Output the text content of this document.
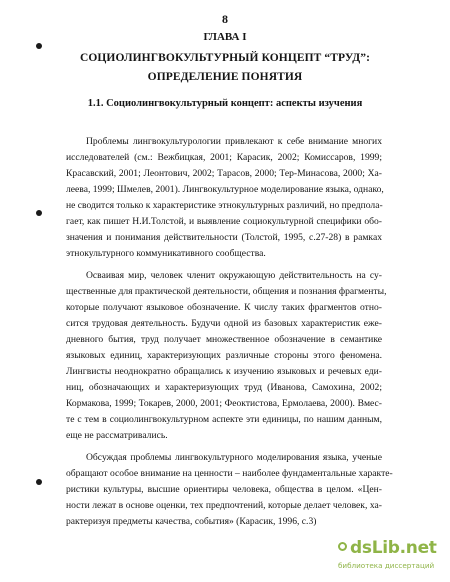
8
ГЛАВА I
СОЦИОЛИНГВОКУЛЬТУРНЫЙ КОНЦЕПТ “ТРУД”:
ОПРЕДЕЛЕНИЕ ПОНЯТИЯ
1.1. Социолингвокультурный концепт: аспекты изучения
Проблемы лингвокультурологии привлекают к себе внимание многих
исследователей (см.: Вежбицкая, 2001; Карасик, 2002; Комиссаров, 1999;
Красавский, 2001; Леонтович, 2002; Тарасов, 2000; Тер-Минасова, 2000; Ха-
леева, 1999; Шмелев, 2001). Лингвокультурное моделирование языка, однако,
не сводится только к характеристике этнокультурных различий, но предпола-
гает, как пишет Н.И.Толстой, и выявление социокультурной специфики обо-
значения и понимания действительности (Толстой, 1995, с.27-28) в рамках
этнокультурного коммуникативного сообщества.
Осваивая мир, человек членит окружающую действительность на су-
щественные для практической деятельности, общения и познания фрагменты,
которые получают языковое обозначение. К числу таких фрагментов отно-
сится трудовая деятельность. Будучи одной из базовых характеристик еже-
дневного бытия, труд получает множественное обозначение в семантике
языковых единиц, характеризующих различные стороны этого феномена.
Лингвисты неоднократно обращались к изучению языковых и речевых еди-
ниц, обозначающих и характеризующих труд (Иванова, Самохина, 2002;
Кормакова, 1999; Токарев, 2000, 2001; Феоктистова, Ермолаева, 2000). Вмес-
те с тем в социолингвокультурном аспекте эти единицы, по нашим данным,
еще не рассматривались.
Обсуждая проблемы лингвокультурного моделирования языка, ученые
обращают особое внимание на ценности – наиболее фундаментальные характе-
ристики культуры, высшие ориентиры человека, общества в целом. «Цен-
ности лежат в основе оценки, тех предпочтений, которые делает человек, ха-
рактеризуя предметы качества, события» (Карасик, 1996, с.3)
dsLib.net
библиотека диссертаций
